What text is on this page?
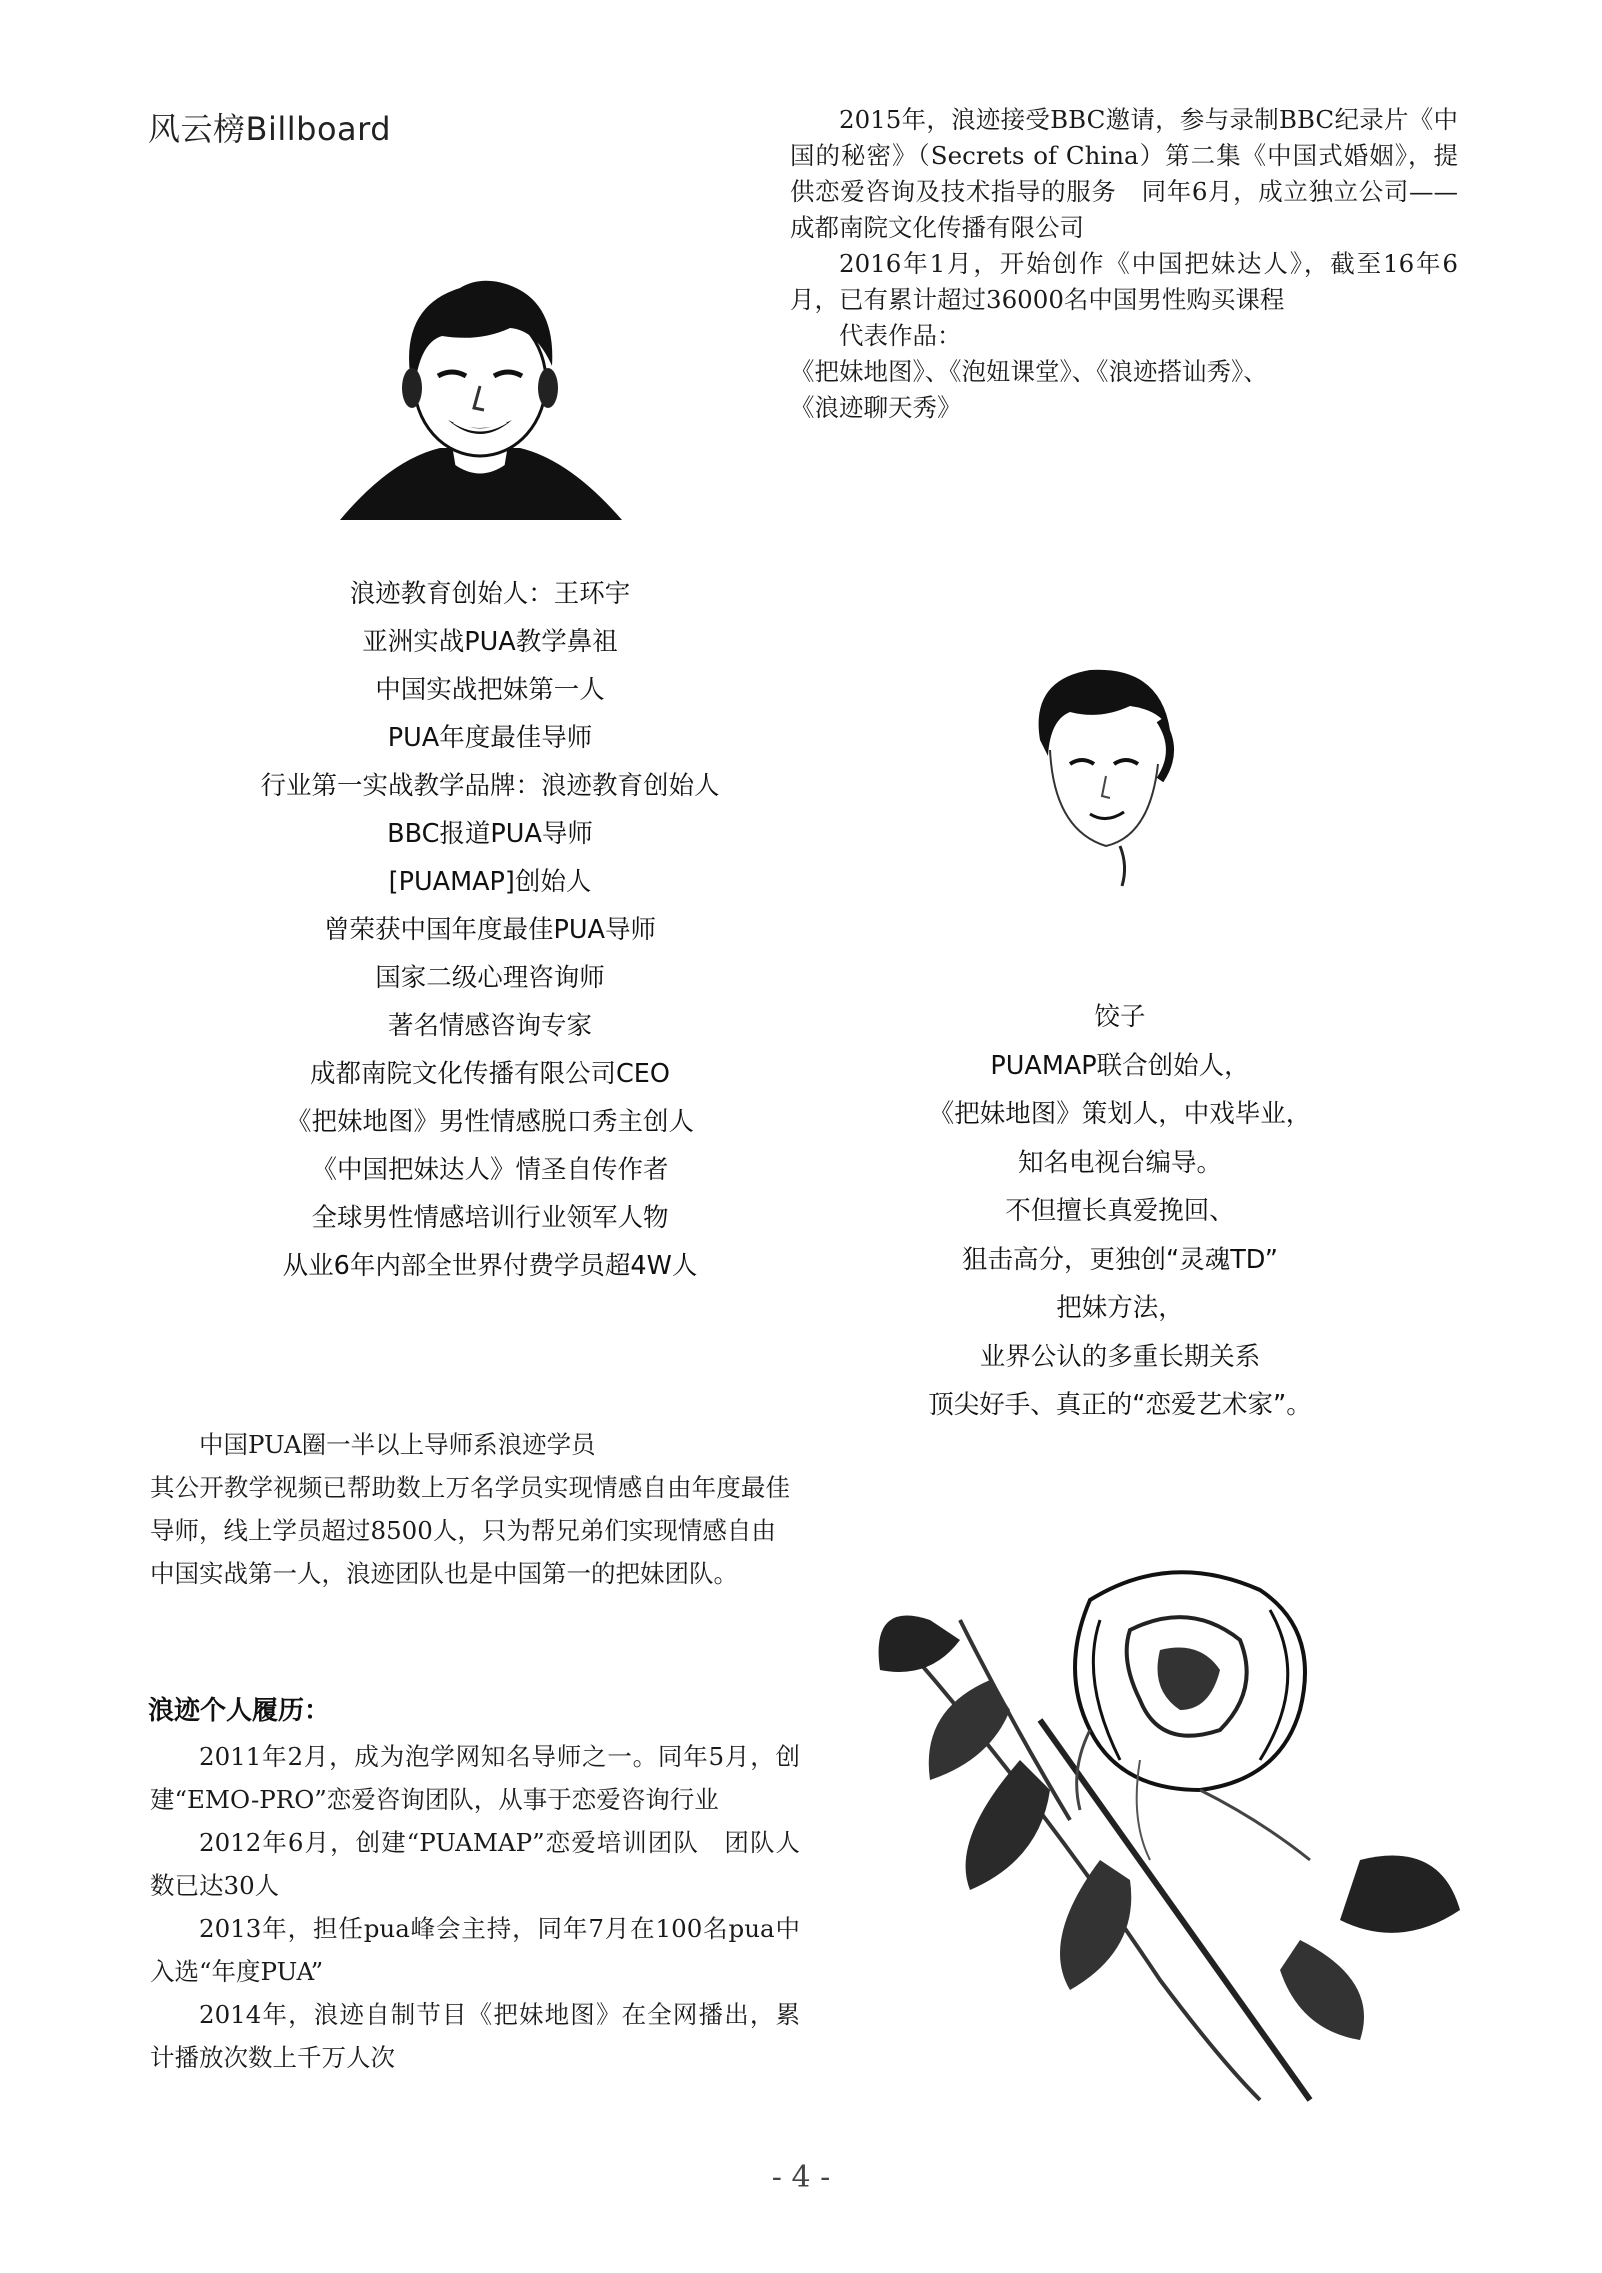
风云榜Billboard	2015年，浪迹接受BBC邀请，参与录制BBC纪录片《中国的秘密》（Secrets of China）第二集《中国式婚姻》，提供恋爱咨询及技术指导的服务　同年6月，成立独立公司——成都南院文化传播有限公司

2016年1月，开始创作《中国把妹达人》，截至16年6月，已有累计超过36000名中国男性购买课程

代表作品：

《把妹地图》、《泡妞课堂》、《浪迹搭讪秀》、

《浪迹聊天秀》

浪迹教育创始人：王环宇
亚洲实战PUA教学鼻祖
中国实战把妹第一人
PUA年度最佳导师
行业第一实战教学品牌：浪迹教育创始人
BBC报道PUA导师
[PUAMAP]创始人
曾荣获中国年度最佳PUA导师
国家二级心理咨询师
著名情感咨询专家
成都南院文化传播有限公司CEO
《把妹地图》男性情感脱口秀主创人
《中国把妹达人》情圣自传作者
全球男性情感培训行业领军人物
从业6年内部全世界付费学员超4W人
饺子
PUAMAP联合创始人，
《把妹地图》策划人，中戏毕业，
知名电视台编导。
不但擅长真爱挽回、
狙击高分，更独创“灵魂TD”
把妹方法，
业界公认的多重长期关系
顶尖好手、真正的“恋爱艺术家”。

中国PUA圈一半以上导师系浪迹学员

其公开教学视频已帮助数上万名学员实现情感自由年度最佳导师，线上学员超过8500人，只为帮兄弟们实现情感自由

中国实战第一人，浪迹团队也是中国第一的把妹团队。

浪迹个人履历：

2011年2月，成为泡学网知名导师之一。同年5月，创建“EMO-PRO”恋爱咨询团队，从事于恋爱咨询行业

2012年6月，创建“PUAMAP”恋爱培训团队　团队人数已达30人

2013年，担任pua峰会主持，同年7月在100名pua中入选“年度PUA”

2014年，浪迹自制节目《把妹地图》在全网播出，累计播放次数上千万人次

- 4 -
